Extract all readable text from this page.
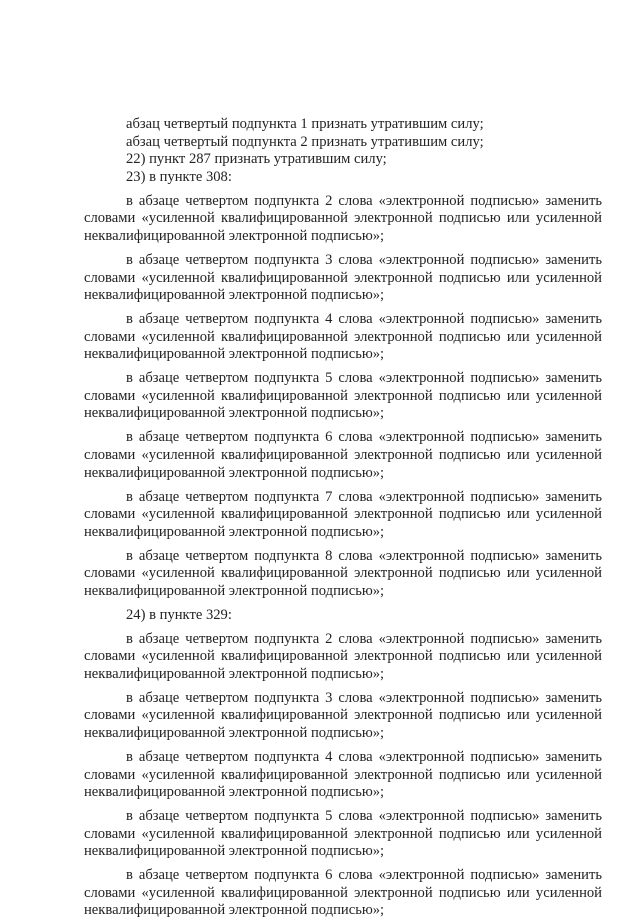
абзац четвертый подпункта 1 признать утратившим силу;

абзац четвертый подпункта 2 признать утратившим силу;

22) пункт 287 признать утратившим силу;

23) в пункте 308:

в абзаце четвертом подпункта 2 слова «электронной подписью» заменить словами «усиленной квалифицированной электронной подписью или усиленной неквалифицированной электронной подписью»;

в абзаце четвертом подпункта 3 слова «электронной подписью» заменить словами «усиленной квалифицированной электронной подписью или усиленной неквалифицированной электронной подписью»;

в абзаце четвертом подпункта 4 слова «электронной подписью» заменить словами «усиленной квалифицированной электронной подписью или усиленной неквалифицированной электронной подписью»;

в абзаце четвертом подпункта 5 слова «электронной подписью» заменить словами «усиленной квалифицированной электронной подписью или усиленной неквалифицированной электронной подписью»;

в абзаце четвертом подпункта 6 слова «электронной подписью» заменить словами «усиленной квалифицированной электронной подписью или усиленной неквалифицированной электронной подписью»;

в абзаце четвертом подпункта 7 слова «электронной подписью» заменить словами «усиленной квалифицированной электронной подписью или усиленной неквалифицированной электронной подписью»;

в абзаце четвертом подпункта 8 слова «электронной подписью» заменить словами «усиленной квалифицированной электронной подписью или усиленной неквалифицированной электронной подписью»;

24) в пункте 329:

в абзаце четвертом подпункта 2 слова «электронной подписью» заменить словами «усиленной квалифицированной электронной подписью или усиленной неквалифицированной электронной подписью»;

в абзаце четвертом подпункта 3 слова «электронной подписью» заменить словами «усиленной квалифицированной электронной подписью или усиленной неквалифицированной электронной подписью»;

в абзаце четвертом подпункта 4 слова «электронной подписью» заменить словами «усиленной квалифицированной электронной подписью или усиленной неквалифицированной электронной подписью»;

в абзаце четвертом подпункта 5 слова «электронной подписью» заменить словами «усиленной квалифицированной электронной подписью или усиленной неквалифицированной электронной подписью»;

в абзаце четвертом подпункта 6 слова «электронной подписью» заменить словами «усиленной квалифицированной электронной подписью или усиленной неквалифицированной электронной подписью»;
